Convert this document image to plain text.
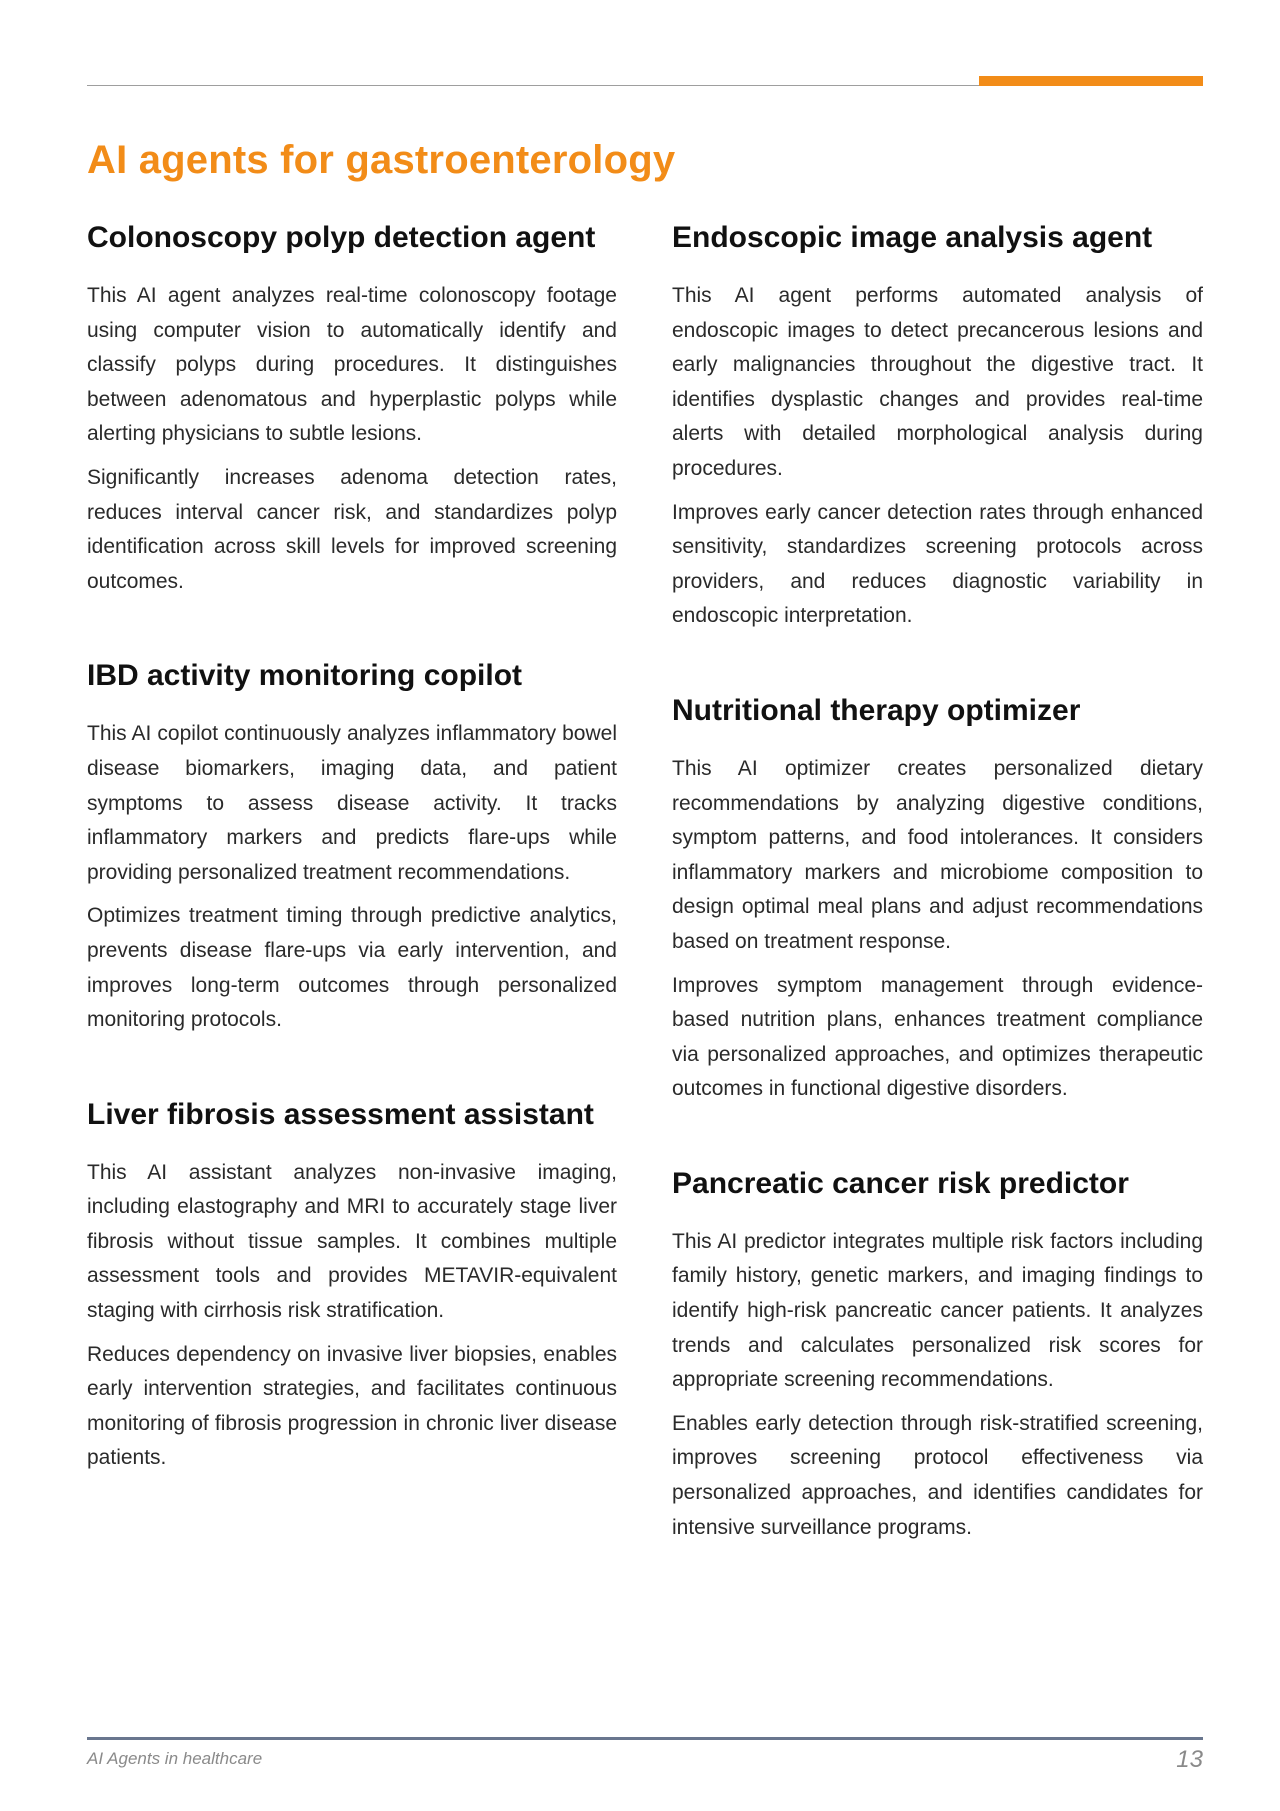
AI agents for gastroenterology
Colonoscopy polyp detection agent

This AI agent analyzes real-time colonoscopy footage using computer vision to automatically identify and classify polyps during procedures. It distinguishes between adenomatous and hyperplastic polyps while alerting physicians to subtle lesions.

Significantly increases adenoma detection rates, reduces interval cancer risk, and standardizes polyp identification across skill levels for improved screening outcomes.

IBD activity monitoring copilot

This AI copilot continuously analyzes inflammatory bowel disease biomarkers, imaging data, and patient symptoms to assess disease activity. It tracks inflammatory markers and predicts flare-ups while providing personalized treatment recommendations.

Optimizes treatment timing through predictive analytics, prevents disease flare-ups via early intervention, and improves long-term outcomes through personalized monitoring protocols.

Liver fibrosis assessment assistant

This AI assistant analyzes non-invasive imaging, including elastography and MRI to accurately stage liver fibrosis without tissue samples. It combines multiple assessment tools and provides METAVIR-equivalent staging with cirrhosis risk stratification.

Reduces dependency on invasive liver biopsies, enables early intervention strategies, and facilitates continuous monitoring of fibrosis progression in chronic liver disease patients.

Endoscopic image analysis agent

This AI agent performs automated analysis of endoscopic images to detect precancerous lesions and early malignancies throughout the digestive tract. It identifies dysplastic changes and provides real-time alerts with detailed morphological analysis during procedures.

Improves early cancer detection rates through enhanced sensitivity, standardizes screening protocols across providers, and reduces diagnostic variability in endoscopic interpretation.

Nutritional therapy optimizer

This AI optimizer creates personalized dietary recommendations by analyzing digestive conditions, symptom patterns, and food intolerances. It considers inflammatory markers and microbiome composition to design optimal meal plans and adjust recommendations based on treatment response.

Improves symptom management through evidence-based nutrition plans, enhances treatment compliance via personalized approaches, and optimizes therapeutic outcomes in functional digestive disorders.

Pancreatic cancer risk predictor

This AI predictor integrates multiple risk factors including family history, genetic markers, and imaging findings to identify high-risk pancreatic cancer patients. It analyzes trends and calculates personalized risk scores for appropriate screening recommendations.

Enables early detection through risk-stratified screening, improves screening protocol effectiveness via personalized approaches, and identifies candidates for intensive surveillance programs.

AI Agents in healthcare	13
